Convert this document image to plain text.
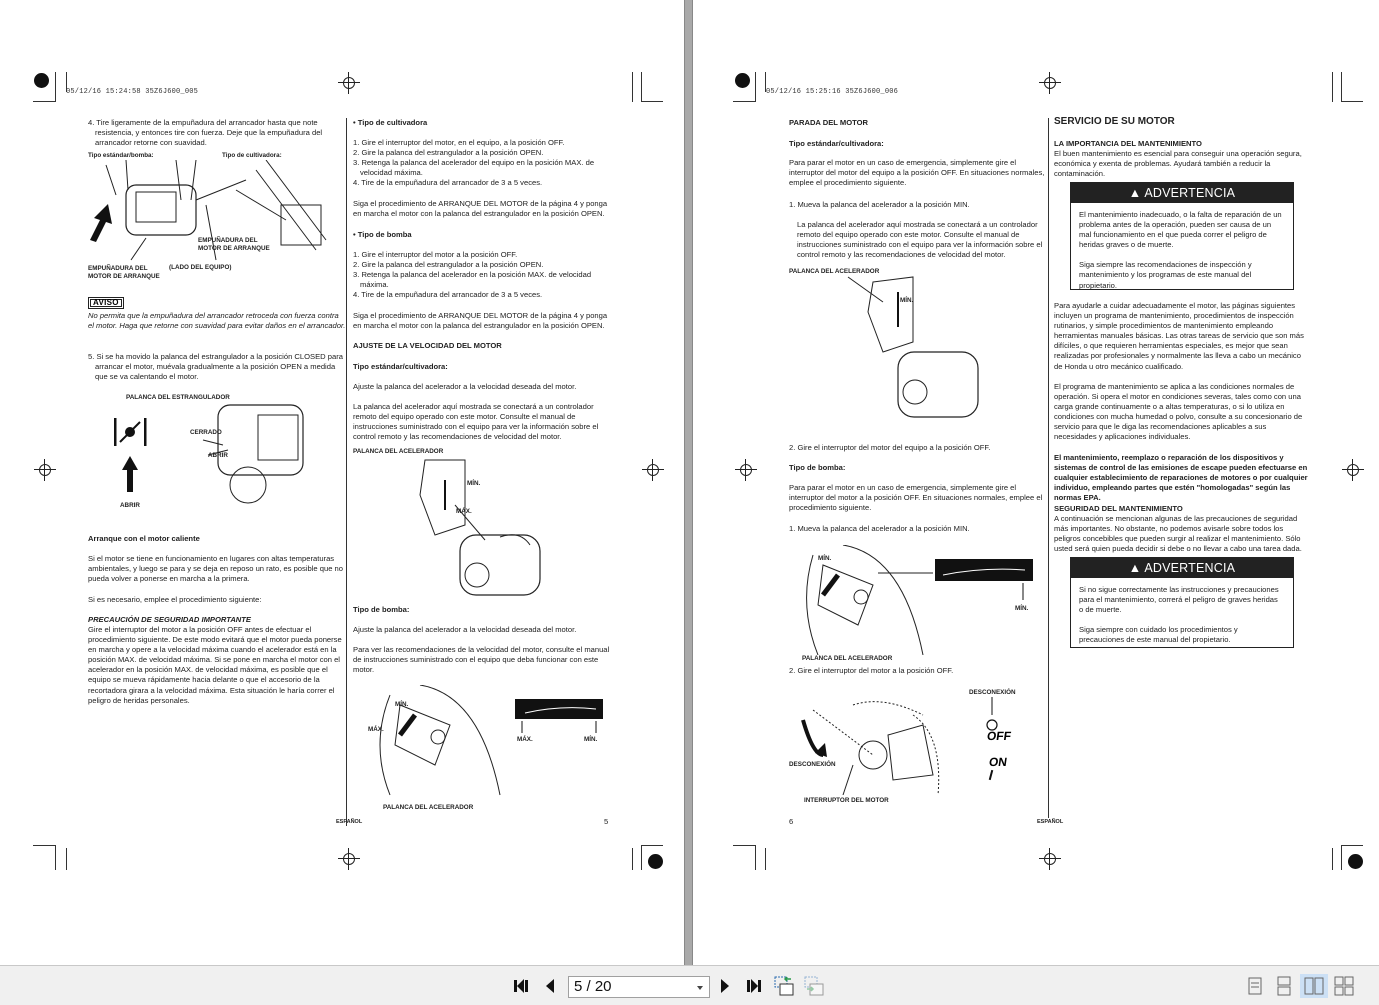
05/12/16 15:24:58 35Z6J600_005
4. Tire ligeramente de la empuñadura del arrancador hasta que note resistencia, y entonces tire con fuerza. Deje que la empuñadura del arrancador retorne con suavidad.
Tipo estándar/bomba:	Tipo de cultivadora:
EMPUÑADURA DEL MOTOR DE ARRANQUE
EMPUÑADURA DEL MOTOR DE ARRANQUE
(LADO DEL EQUIPO)
AVISO
No permita que la empuñadura del arrancador retroceda con fuerza contra el motor. Haga que retorne con suavidad para evitar daños en el arrancador.
5. Si se ha movido la palanca del estrangulador a la posición CLOSED para arrancar el motor, muévala gradualmente a la posición OPEN a medida que se va calentando el motor.
PALANCA DEL ESTRANGULADOR
CERRADO
ABRIR
ABRIR
Arranque con el motor caliente
Si el motor se tiene en funcionamiento en lugares con altas temperaturas ambientales, y luego se para y se deja en reposo un rato, es posible que no pueda volver a ponerse en marcha a la primera.
Si es necesario, emplee el procedimiento siguiente:
PRECAUCIÓN DE SEGURIDAD IMPORTANTE
Gire el interruptor del motor a la posición OFF antes de efectuar el procedimiento siguiente. De este modo evitará que el motor pueda ponerse en marcha y opere a la velocidad máxima cuando el acelerador está en la posición MAX. de velocidad máxima. Si se pone en marcha el motor con el acelerador en la posición MAX. de velocidad máxima, es posible que el equipo se mueva rápidamente hacia delante o que el accesorio de la recortadora girara a la velocidad máxima. Esta situación le haría correr el peligro de heridas personales.
• Tipo de cultivadora
1. Gire el interruptor del motor, en el equipo, a la posición OFF.
2. Gire la palanca del estrangulador a la posición OPEN.
3. Retenga la palanca del acelerador del equipo en la posición MAX. de velocidad máxima.
4. Tire de la empuñadura del arrancador de 3 a 5 veces.
Siga el procedimiento de ARRANQUE DEL MOTOR de la página 4 y ponga en marcha el motor con la palanca del estrangulador en la posición OPEN.
• Tipo de bomba
1. Gire el interruptor del motor a la posición OFF.
2. Gire la palanca del estrangulador a la posición OPEN.
3. Retenga la palanca del acelerador en la posición MAX. de velocidad máxima.
4. Tire de la empuñadura del arrancador de 3 a 5 veces.
Siga el procedimiento de ARRANQUE DEL MOTOR de la página 4 y ponga en marcha el motor con la palanca del estrangulador en la posición OPEN.
AJUSTE DE LA VELOCIDAD DEL MOTOR
Tipo estándar/cultivadora:
Ajuste la palanca del acelerador a la velocidad deseada del motor.
La palanca del acelerador aquí mostrada se conectará a un controlador remoto del equipo operado con este motor. Consulte el manual de instrucciones suministrado con el equipo para ver la información sobre el control remoto y las recomendaciones de velocidad del motor.
PALANCA DEL ACELERADOR
MÍN.
MÁX.
Tipo de bomba:
Ajuste la palanca del acelerador a la velocidad deseada del motor.
Para ver las recomendaciones de la velocidad del motor, consulte el manual de instrucciones suministrado con el equipo que deba funcionar con este motor.
MÍN.
MÁX.
MÁX.	MÍN.
PALANCA DEL ACELERADOR
ESPAÑOL	5
05/12/16 15:25:16 35Z6J600_006
PARADA DEL MOTOR
Tipo estándar/cultivadora:
Para parar el motor en un caso de emergencia, simplemente gire el interruptor del motor del equipo a la posición OFF. En situaciones normales, emplee el procedimiento siguiente.
1. Mueva la palanca del acelerador a la posición MIN.
La palanca del acelerador aquí mostrada se conectará a un controlador remoto del equipo operado con este motor. Consulte el manual de instrucciones suministrado con el equipo para ver la información sobre el control remoto y las recomendaciones de velocidad del motor.
PALANCA DEL ACELERADOR
MÍN.
2. Gire el interruptor del motor del equipo a la posición OFF.
Tipo de bomba:
Para parar el motor en un caso de emergencia, simplemente gire el interruptor del motor a la posición OFF. En situaciones normales, emplee el procedimiento siguiente.
1. Mueva la palanca del acelerador a la posición MIN.
MÍN.
MÍN.
PALANCA DEL ACELERADOR
2. Gire el interruptor del motor a la posición OFF.
DESCONEXIÓN
OFF
ON
DESCONEXIÓN
INTERRUPTOR DEL MOTOR
6	ESPAÑOL
SERVICIO DE SU MOTOR
LA IMPORTANCIA DEL MANTENIMIENTO
El buen mantenimiento es esencial para conseguir una operación segura, económica y exenta de problemas. Ayudará también a reducir la contaminación.
▲ ADVERTENCIA

El mantenimiento inadecuado, o la falta de reparación de un problema antes de la operación, pueden ser causa de un mal funcionamiento en el que pueda correr el peligro de heridas graves o de muerte.

Siga siempre las recomendaciones de inspección y mantenimiento y los programas de este manual del propietario.

Para ayudarle a cuidar adecuadamente el motor, las páginas siguientes incluyen un programa de mantenimiento, procedimientos de inspección rutinarios, y simple procedimientos de mantenimiento empleando herramientas manuales básicas. Las otras tareas de servicio que son más difíciles, o que requieren herramientas especiales, es mejor que sean realizadas por profesionales y normalmente las lleva a cabo un mecánico de Honda u otro mecánico cualificado.
El programa de mantenimiento se aplica a las condiciones normales de operación. Si opera el motor en condiciones severas, tales como con una carga grande continuamente o a altas temperaturas, o si lo utiliza en condiciones con mucha humedad o polvo, consulte a su concesionario de servicio para que le diga las recomendaciones aplicables a sus necesidades y aplicaciones individuales.
El mantenimiento, reemplazo o reparación de los dispositivos y sistemas de control de las emisiones de escape pueden efectuarse en cualquier establecimiento de reparaciones de motores o por cualquier individuo, empleando partes que estén "homologadas" según las normas EPA.
SEGURIDAD DEL MANTENIMIENTO
A continuación se mencionan algunas de las precauciones de seguridad más importantes. No obstante, no podemos avisarle sobre todos los peligros concebibles que pueden surgir al realizar el mantenimiento. Sólo usted será quien pueda decidir si debe o no llevar a cabo una tarea dada.
▲ ADVERTENCIA

Si no sigue correctamente las instrucciones y precauciones para el mantenimiento, correrá el peligro de graves heridas o de muerte.

Siga siempre con cuidado los procedimientos y precauciones de este manual del propietario.

5 / 20
